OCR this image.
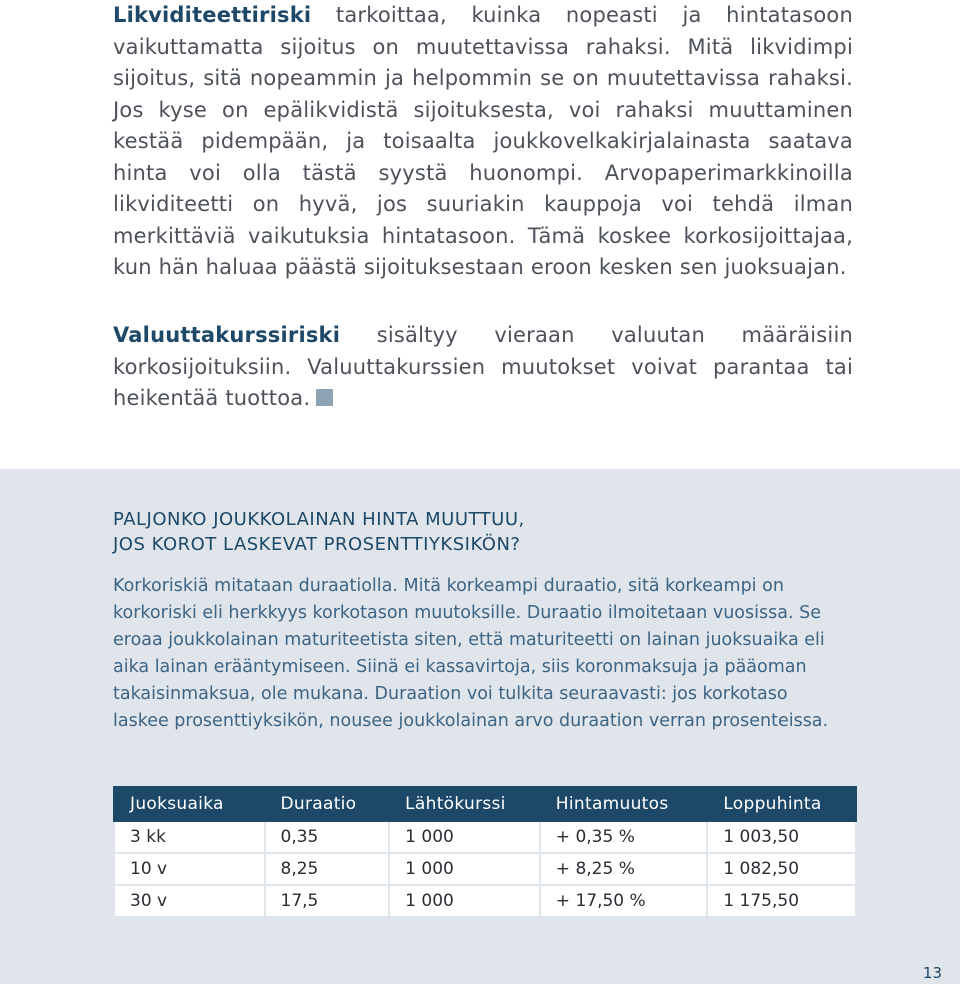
Likviditeettiriski tarkoittaa, kuinka nopeasti ja hintatasoon vaikuttamatta sijoitus on muutettavissa rahaksi. Mitä likvidimpi sijoitus, sitä nopeammin ja helpommin se on muutettavissa rahaksi. Jos kyse on epälikvidistä sijoituksesta, voi rahaksi muuttaminen kestää pidempään, ja toisaalta joukkovelkakirjalainasta saatava hinta voi olla tästä syystä huonompi. Arvopaperimarkkinoilla likviditeetti on hyvä, jos suuriakin kauppoja voi tehdä ilman merkittäviä vaikutuksia hintatasoon. Tämä koskee korkosijoittajaa, kun hän haluaa päästä sijoituksestaan eroon kesken sen juoksuajan.

Valuuttakurssiriski sisältyy vieraan valuutan määräisiin korkosijoituksiin. Valuuttakurssien muutokset voivat parantaa tai heikentää tuottoa.

PALJONKO JOUKKOLAINAN HINTA MUUTTUU,
JOS KOROT LASKEVAT PROSENTTIYKSIKÖN?

Korkoriskiä mitataan duraatiolla. Mitä korkeampi duraatio, sitä korkeampi on korkoriski eli herkkyys korkotason muutoksille. Duraatio ilmoitetaan vuosissa. Se eroaa joukkolainan maturiteetista siten, että maturiteetti on lainan juoksuaika eli aika lainan erääntymiseen. Siinä ei kassavirtoja, siis koronmaksuja ja pääoman takaisinmaksua, ole mukana. Duraation voi tulkita seuraavasti: jos korkotaso laskee prosenttiyksikön, nousee joukkolainan arvo duraation verran prosenteissa.

Juoksuaika	Duraatio	Lähtökurssi	Hintamuutos	Loppuhinta
3 kk	0,35	1 000	+ 0,35 %	1 003,50
10 v	8,25	1 000	+ 8,25 %	1 082,50
30 v	17,5	1 000	+ 17,50 %	1 175,50
13
